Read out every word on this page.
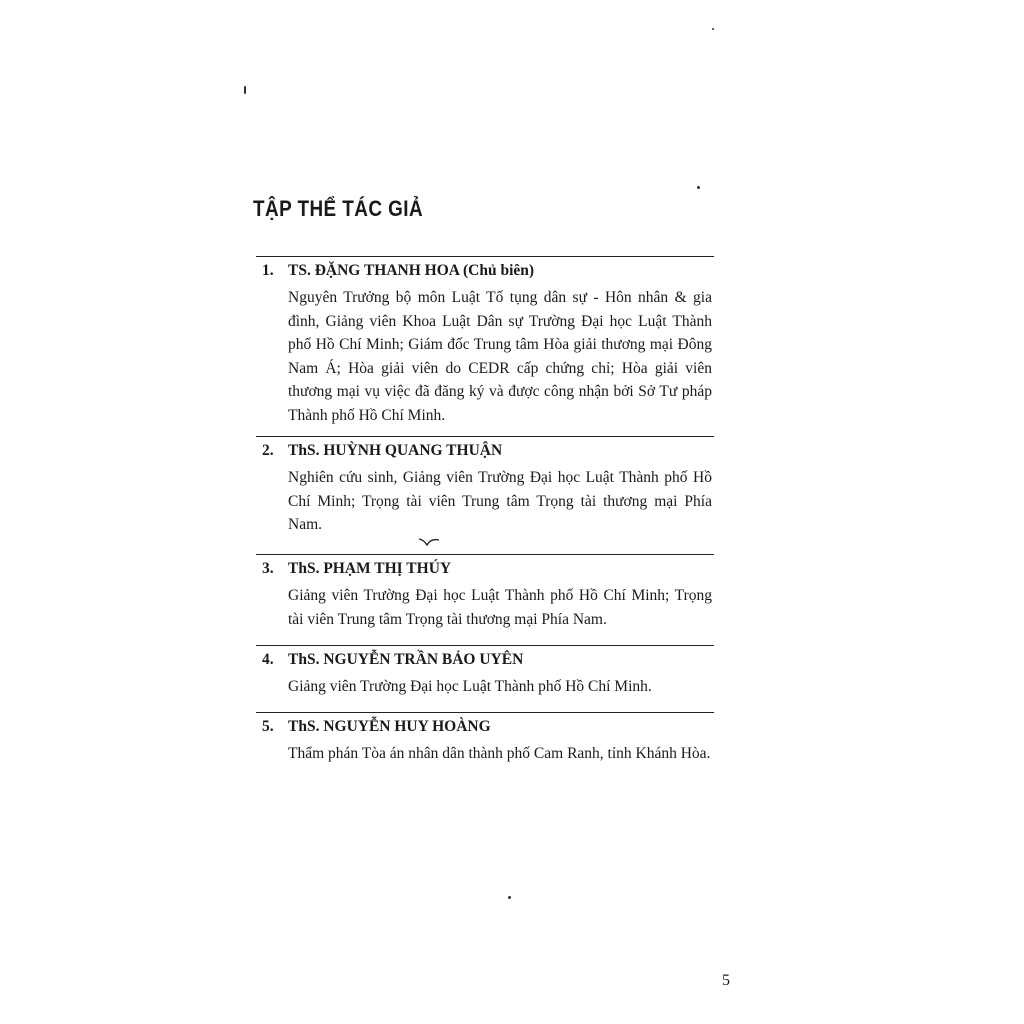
TẬP THỂ TÁC GIẢ
1. TS. ĐẶNG THANH HOA (Chủ biên)
Nguyên Trưởng bộ môn Luật Tố tụng dân sự - Hôn nhân & gia đình, Giảng viên Khoa Luật Dân sự Trường Đại học Luật Thành phố Hồ Chí Minh; Giám đốc Trung tâm Hòa giải thương mại Đông Nam Á; Hòa giải viên do CEDR cấp chứng chỉ; Hòa giải viên thương mại vụ việc đã đăng ký và được công nhận bởi Sở Tư pháp Thành phố Hồ Chí Minh.
2. ThS. HUỲNH QUANG THUẬN
Nghiên cứu sinh, Giảng viên Trường Đại học Luật Thành phố Hồ Chí Minh; Trọng tài viên Trung tâm Trọng tài thương mại Phía Nam.
3. ThS. PHẠM THỊ THÚY
Giảng viên Trường Đại học Luật Thành phố Hồ Chí Minh; Trọng tài viên Trung tâm Trọng tài thương mại Phía Nam.
4. ThS. NGUYỄN TRẦN BẢO UYÊN
Giảng viên Trường Đại học Luật Thành phố Hồ Chí Minh.
5. ThS. NGUYỄN HUY HOÀNG
Thẩm phán Tòa án nhân dân thành phố Cam Ranh, tỉnh Khánh Hòa.
5
